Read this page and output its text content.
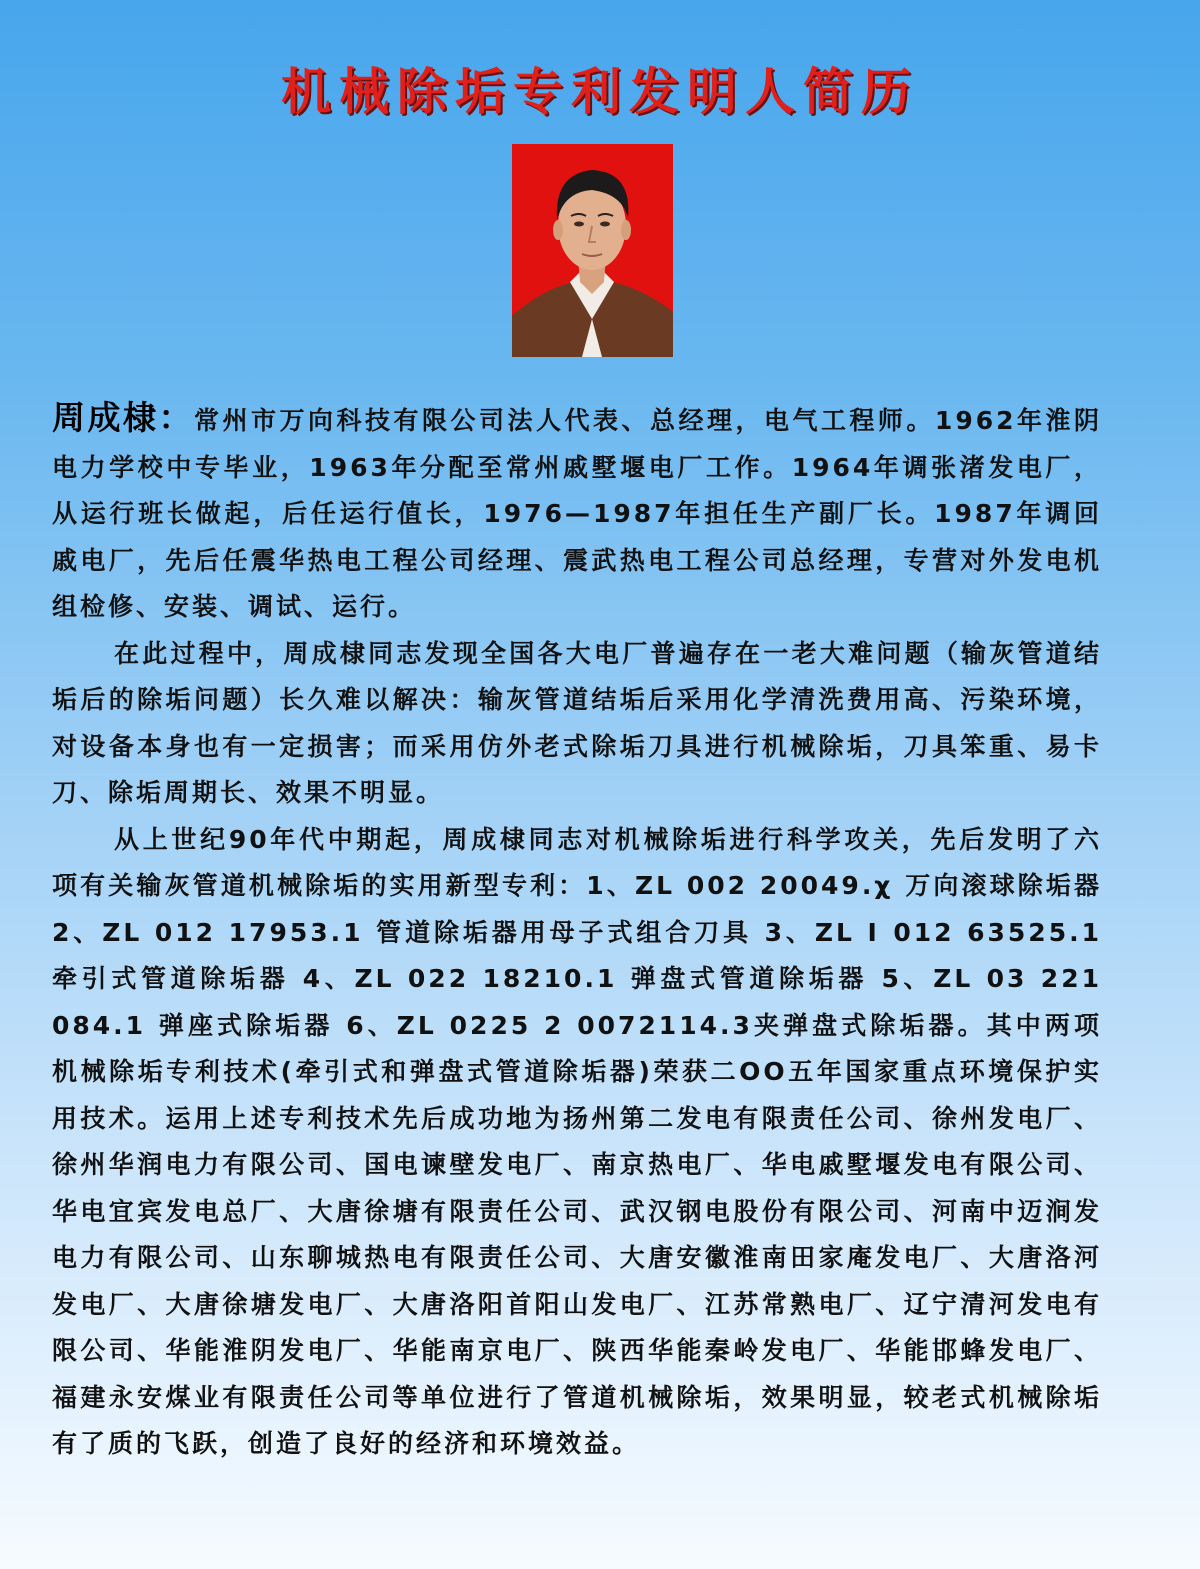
机械除垢专利发明人简历

周成棣：常州市万向科技有限公司法人代表、总经理，电气工程师。1962年淮阴电力学校中专毕业，1963年分配至常州戚墅堰电厂工作。1964年调张渚发电厂，从运行班长做起，后任运行值长，1976—1987年担任生产副厂长。1987年调回戚电厂，先后任震华热电工程公司经理、震武热电工程公司总经理，专营对外发电机组检修、安装、调试、运行。

在此过程中，周成棣同志发现全国各大电厂普遍存在一老大难问题（输灰管道结垢后的除垢问题）长久难以解决：输灰管道结垢后采用化学清洗费用高、污染环境，对设备本身也有一定损害；而采用仿外老式除垢刀具进行机械除垢，刀具笨重、易卡刀、除垢周期长、效果不明显。

从上世纪90年代中期起，周成棣同志对机械除垢进行科学攻关，先后发明了六项有关输灰管道机械除垢的实用新型专利：1、ZL 002 20049.χ 万向滚球除垢器 2、ZL 012 17953.1 管道除垢器用母子式组合刀具 3、ZL Ⅰ 012 63525.1 牵引式管道除垢器 4、ZL 022 18210.1 弹盘式管道除垢器 5、ZL 03 221 084.1 弹座式除垢器 6、ZL 0225 2 0072114.3夹弹盘式除垢器。其中两项机械除垢专利技术(牵引式和弹盘式管道除垢器)荣获二OO五年国家重点环境保护实用技术。运用上述专利技术先后成功地为扬州第二发电有限责任公司、徐州发电厂、徐州华润电力有限公司、国电谏壁发电厂、南京热电厂、华电戚墅堰发电有限公司、华电宜宾发电总厂、大唐徐塘有限责任公司、武汉钢电股份有限公司、河南中迈涧发电力有限公司、山东聊城热电有限责任公司、大唐安徽淮南田家庵发电厂、大唐洛河发电厂、大唐徐塘发电厂、大唐洛阳首阳山发电厂、江苏常熟电厂、辽宁清河发电有限公司、华能淮阴发电厂、华能南京电厂、陕西华能秦岭发电厂、华能邯蜂发电厂、福建永安煤业有限责任公司等单位进行了管道机械除垢，效果明显，较老式机械除垢有了质的飞跃，创造了良好的经济和环境效益。
